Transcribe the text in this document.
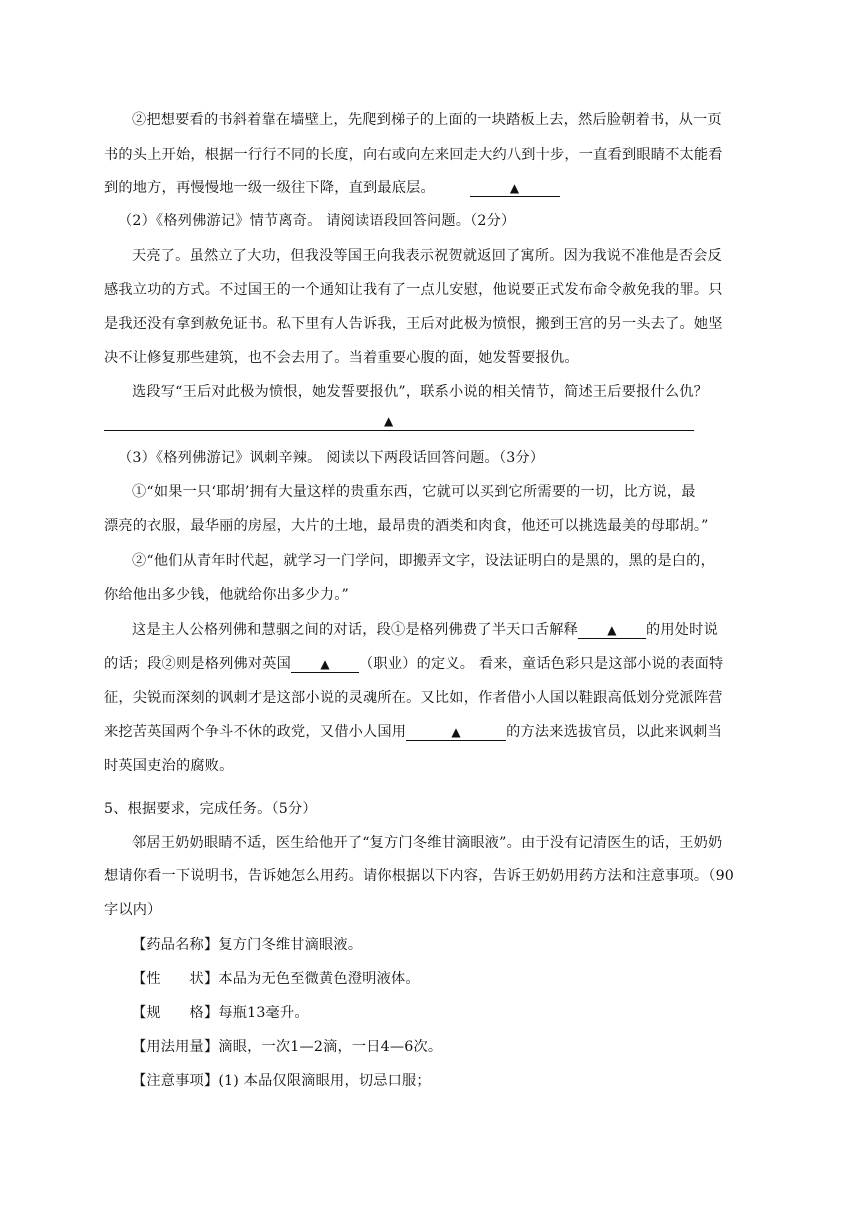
②把想要看的书斜着靠在墙壁上，先爬到梯子的上面的一块踏板上去，然后脸朝着书，从一页
书的头上开始，根据一行行不同的长度，向右或向左来回走大约八到十步，一直看到眼睛不太能看
到的地方，再慢慢地一级一级往下降，直到最底层。	▲
（2）《格列佛游记》情节离奇。 请阅读语段回答问题。（2分）
天亮了。虽然立了大功，但我没等国王向我表示祝贺就返回了寓所。因为我说不准他是否会反
感我立功的方式。不过国王的一个通知让我有了一点儿安慰，他说要正式发布命令赦免我的罪。只
是我还没有拿到赦免证书。私下里有人告诉我，王后对此极为愤恨，搬到王宫的另一头去了。她坚
决不让修复那些建筑，也不会去用了。当着重要心腹的面，她发誓要报仇。
选段写“王后对此极为愤恨，她发誓要报仇”，联系小说的相关情节，简述王后要报什么仇？
▲
（3）《格列佛游记》讽刺辛辣。 阅读以下两段话回答问题。（3分）
①“如果一只‘耶胡’拥有大量这样的贵重东西，它就可以买到它所需要的一切，比方说，最
漂亮的衣服，最华丽的房屋，大片的土地，最昂贵的酒类和肉食，他还可以挑选最美的母耶胡。”
②“他们从青年时代起，就学习一门学问，即搬弄文字，设法证明白的是黑的，黑的是白的，
你给他出多少钱，他就给你出多少力。”
这是主人公格列佛和慧骃之间的对话，段①是格列佛费了半天口舌解释 ▲ 的用处时说
的话；段②则是格列佛对英国 ▲ （职业）的定义。 看来，童话色彩只是这部小说的表面特
征，尖锐而深刻的讽刺才是这部小说的灵魂所在。又比如，作者借小人国以鞋跟高低划分党派阵营
来挖苦英国两个争斗不休的政党，又借小人国用	▲	的方法来选拔官员，以此来讽刺当
时英国吏治的腐败。
5、根据要求，完成任务。（5分）
邻居王奶奶眼睛不适，医生给他开了“复方门冬维甘滴眼液”。由于没有记清医生的话，王奶奶
想请你看一下说明书，告诉她怎么用药。请你根据以下内容，告诉王奶奶用药方法和注意事项。（90
字以内）
【药品名称】复方门冬维甘滴眼液。
【性　　状】本品为无色至微黄色澄明液体。
【规　　格】每瓶13毫升。
【用法用量】滴眼，一次1—2滴，一日4—6次。
【注意事项】(1) 本品仅限滴眼用，切忌口服；
